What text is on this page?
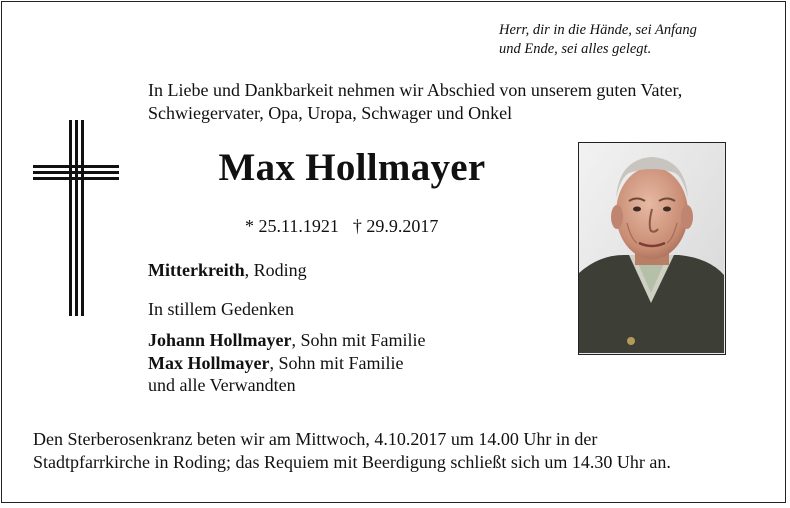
Herr, dir in die Hände, sei Anfang
und Ende, sei alles gelegt.
In Liebe und Dankbarkeit nehmen wir Abschied von unserem guten Vater,
Schwiegervater, Opa, Uropa, Schwager und Onkel
Max Hollmayer
* 25.11.1921 † 29.9.2017
Mitterkreith, Roding
In stillem Gedenken
Johann Hollmayer, Sohn mit Familie
Max Hollmayer, Sohn mit Familie
und alle Verwandten
Den Sterberosenkranz beten wir am Mittwoch, 4.10.2017 um 14.00 Uhr in der
Stadtpfarrkirche in Roding; das Requiem mit Beerdigung schließt sich um 14.30 Uhr an.
